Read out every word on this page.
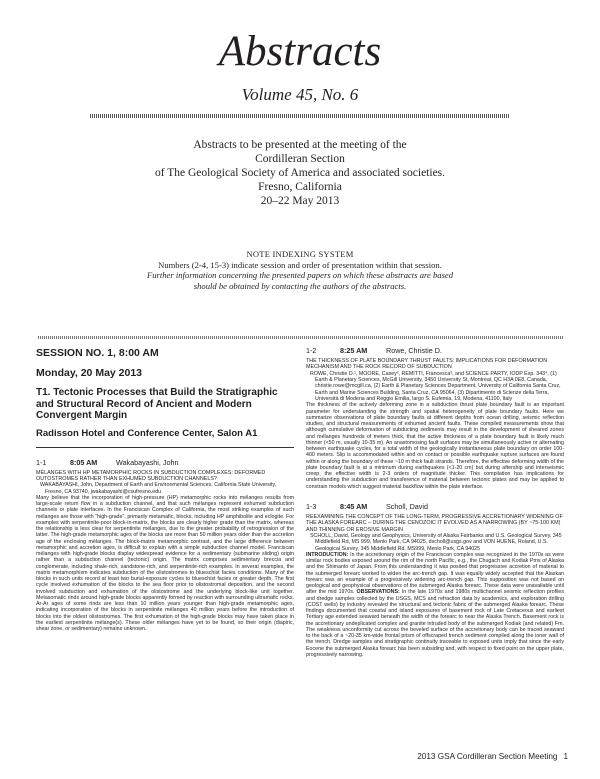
Abstracts
Volume 45, No. 6
Abstracts to be presented at the meeting of the
Cordilleran Section
of The Geological Society of America and associated societies.
Fresno, California
20–22 May 2013
NOTE INDEXING SYSTEM
Numbers (2-4, 15-3) indicate session and order of presentation within that session.
Further information concerning the presented papers on which these abstracts are based
should be obtained by contacting the authors of the abstracts.
SESSION NO. 1, 8:00 AM
Monday, 20 May 2013
T1. Tectonic Processes that Build the Stratigraphic and Structural Record of Ancient and Modern Convergent Margin
Radisson Hotel and Conference Center, Salon A1
1-1	8:05 AM	Wakabayashi, John
MÉLANGES WITH HP METAMORPHIC ROCKS IN SUBDUCTION COMPLEXES: DEFORMED OUTOSTROMES RATHER THAN EXHUMED SUBDUCTION CHANNELS?
WAKABAYASHI, John, Department of Earth and Environmental Sciences, California State University, Fresno, CA 93740, jwakabayashi@csufresno.edu
Many believe that the incorporation of high-pressure (HP) metamorphic rocks into mélanges results from large-scale return flow in a subduction channel, and that such mélanges represent exhumed subduction channels or plate interfaces. In the Franciscan Complex of California, the most striking examples of such mélanges are those with "high-grade", primarily metamafic, blocks, including HP amphibolite and eclogite. For examples with serpentinite-poor block-in-matrix, the blocks are clearly higher grade than the matrix, whereas the relationship is less clear for serpentinite mélanges, due to the greater probability of retrogression of the latter. The high-grade metamorphic ages of the blocks are more than 50 million years older than the accretion age of the enclosing mélanges. The block-matrix metamorphic contrast, and the large difference between metamorphic and accretion ages, is difficult to explain with a simple subduction channel model. Franciscan mélanges with high-grade blocks display widespread evidence for a sedimentary (submarine sliding) origin rather than a subduction channel (tectonic) origin. The matrix comprises sedimentary breccia and conglomerate, including shale-rich, sandstone-rich, and serpentinite-rich examples. In several examples, the matrix metamorphism indicates subduction of the olistostromes to blueschist facies conditions. Many of the blocks in such units record at least two burial-exposure cycles to blueschist facies or greater depth. The first cycle involved exhumation of the blocks to the sea floor prior to olistostromal deposition, and the second involved subduction and exhumation of the olistostrome and the underlying block-like unit together. Metasomatic rinds around high-grade blocks apparently formed by reaction with surrounding ultramafic rocks. Ar-Ar ages of some rinds are less than 10 million years younger than high-grade metamorphic ages, indicating incorporation of the blocks in serpentinite mélanges 40 million years before the introduction of blocks into the oldest olistostromes. The first exhumation of the high-grade blocks may have taken place in the earliest serpentinite mélange(s). These older mélanges have yet to be found, so their origin (diapiric, shear zone, or sedimentary) remains unknown.
1-2	8:25 AM	Rowe, Christie D.
THE THICKNESS OF PLATE BOUNDARY THRUST FAULTS: IMPLICATIONS FOR DEFORMATION MECHANISM AND THE ROCK RECORD OF SUBDUCTION
ROWE, Christie D.¹, MOORE, Casey², REMITTI, Francesca³, and SCIENCE PARTY, IODP Exp. 343⁴, (1) Earth & Planetary Sciences, McGill University, 3450 University St, Montreal, QC H3A 0E8, Canada, christie.rowe@mcgill.ca, (2) Earth & Planetary Sciences Department, University of California Santa Cruz, Earth and Marine Sciences Building, Santa Cruz, CA 95064, (3) Dipartimento di Scienze della Terra, Università di Modena and Reggio Emilia, largo S. Eufemia, 19, Modena, 41100, Italy
The thickness of the actively deforming zone in a subduction thrust plate boundary fault is an important parameter for understanding the strength and spatial heterogeneity of plate boundary faults. Here we summarize observations of plate boundary faults at different depths from ocean drilling, seismic reflection studies, and structural measurements of exhumed ancient faults. These compiled measurements show that although cumulative deformation of subducting sediments may result in the development of sheared zones and mélanges hundreds of meters thick, that the active thickness of a plate boundary fault is likely much thinner (<50 m, usually 10-35 m). An anastomosing fault surfaces may be simultaneously active or alternating between earthquake cycles, for a total width of the geologically instantaneous plate boundary on order 100-400 meters. Slip is accommodated within and on contact or possible earthquake rupture surfaces are found within or along the boundary of these ~10 m thick fault strands. Therefore, the effective deforming width of the plate boundary fault is at a minimum during earthquakes (<1-20 cm) but during aftership and interseismic creep, the effective width is 2-3 orders of magnitude thicker. This compilation has implications for understanding the subduction and transference of material between tectonic plates and may be applied to constrain models which suggest material backflow within the plate interface.
1-3	8:45 AM	Scholl, David
REEXAMINING THE CONCEPT OF THE LONG-TERM, PROGRESSIVE ACCRETIONARY WIDENING OF THE ALASKA FOREARC – DURING THE CENOZOIC IT EVOLVED AS A NARROWING (BY ~75-100 KM) AND THINNING OR EROSIVE MARGIN
SCHOLL, David, Geology and Geophysics, University of Alaska Fairbanks and U.S. Geological Survey, 345 Middlefield Rd, MS 999, Menlo Park, CA 94025, dscholl@usgs.gov and VON HUENE, Roland, U.S. Geological Survey, 345 Middlefield Rd. MS999, Menlo Park, CA 94025
INTRODUCTION: In the accretionary origin of the Franciscan complex was recognized in the 1970s as were similar rock bodies exposed around the rim of the north Pacific, e.g., the Chugach and Kodiak Pms of Alaska and the Shimanto of Japan. From this understanding it was posited that progressive accretion of material to the submerged forearc worked to widen the arc-trench gap. It was equally widely accepted that the Alaskan forearc was an example of a progressively widening arc-trench gap. This supposition was not based on geological and geophysical observations of the submerged Alaska forearc. These data were unavailable until after the mid 1970s. OBSERVATIONS: In the late 1970s and 1980s multichannel seismic reflection profiles and dredge samples collected by the USGS, MCS and refraction data by academics, and exploration drilling (COST wells) by industry revealed the structural and tectonic fabric of the submerged Alaska forearc. These findings documented that coastal and island exposures of basement rock of Late Cretaceous and earliest Tertiary age extended seaward beneath the width of the forearc to near the Alaska Trench. Basement rock is the accretionary undeplicated complex and granite intruded body of the submerged Kodiak (and related) Fm. The weakness unconformity cut across the beveled surface of the accretionary body can be traced seaward to the back of a ~20-35 km-wide frontal prism of offscraped trench sediment compiled along the inner wall of the trench. Dredge samples and stratigraphic continuity traceable to exposed units imply that since the early Eocene the submerged Alaska forearc has been subsiding and, with respect to fixed point on the upper plate, progressively narrowing.
2013 GSA Cordilleran Section Meeting 1
